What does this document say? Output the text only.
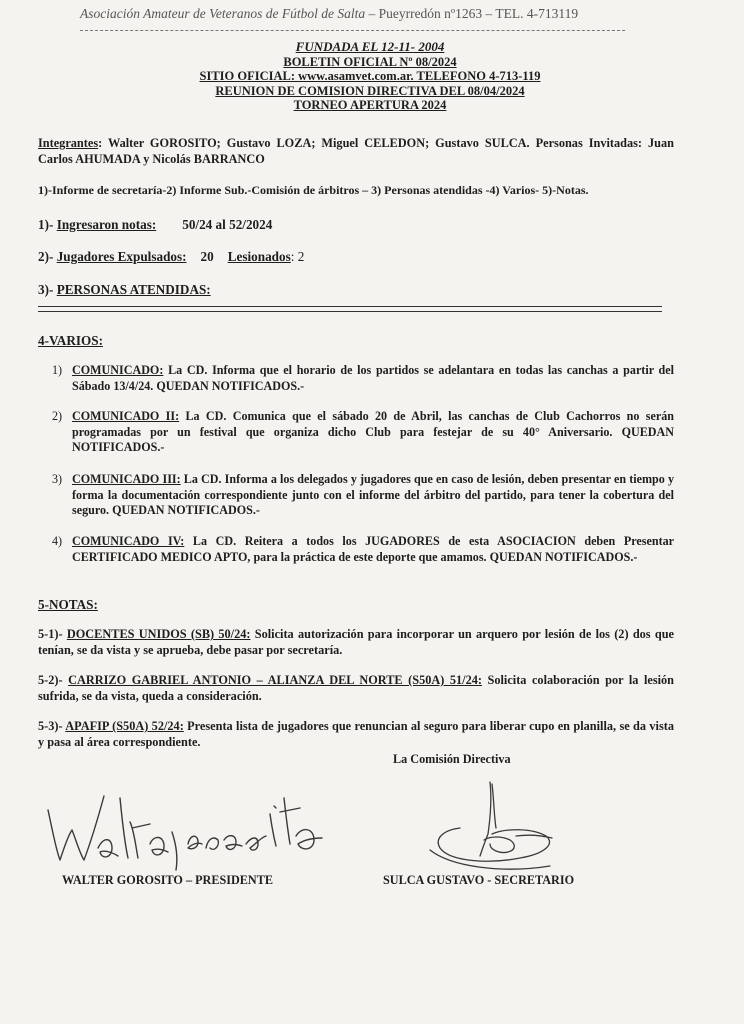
Asociación Amateur de Veteranos de Fútbol de Salta – Pueyrredón nº1263 – TEL. 4-713119
FUNDADA EL 12-11- 2004
BOLETIN OFICIAL Nº 08/2024
SITIO OFICIAL: www.asamvet.com.ar. TELEFONO 4-713-119
REUNION DE COMISION DIRECTIVA DEL 08/04/2024
TORNEO APERTURA 2024
Integrantes: Walter GOROSITO; Gustavo LOZA; Miguel CELEDON; Gustavo SULCA. Personas Invitadas: Juan Carlos AHUMADA y Nicolás BARRANCO
1)-Informe de secretaría-2) Informe Sub.-Comisión de árbitros – 3) Personas atendidas -4) Varios- 5)-Notas.
1)- Ingresaron notas: 50/24 al 52/2024
2)- Jugadores Expulsados: 20 Lesionados: 2
3)- PERSONAS ATENDIDAS:
4-VARIOS:
1) COMUNICADO: La CD. Informa que el horario de los partidos se adelantara en todas las canchas a partir del Sábado 13/4/24. QUEDAN NOTIFICADOS.-
2) COMUNICADO II: La CD. Comunica que el sábado 20 de Abril, las canchas de Club Cachorros no serán programadas por un festival que organiza dicho Club para festejar de su 40° Aniversario. QUEDAN NOTIFICADOS.-
3) COMUNICADO III: La CD. Informa a los delegados y jugadores que en caso de lesión, deben presentar en tiempo y forma la documentación correspondiente junto con el informe del árbitro del partido, para tener la cobertura del seguro. QUEDAN NOTIFICADOS.-
4) COMUNICADO IV: La CD. Reitera a todos los JUGADORES de esta ASOCIACION deben Presentar CERTIFICADO MEDICO APTO, para la práctica de este deporte que amamos. QUEDAN NOTIFICADOS.-
5-NOTAS:
5-1)- DOCENTES UNIDOS (SB) 50/24: Solicita autorización para incorporar un arquero por lesión de los (2) dos que tenían, se da vista y se aprueba, debe pasar por secretaría.
5-2)- CARRIZO GABRIEL ANTONIO – ALIANZA DEL NORTE (S50A) 51/24: Solicita colaboración por la lesión sufrida, se da vista, queda a consideración.
5-3)- APAFIP (S50A) 52/24: Presenta lista de jugadores que renuncian al seguro para liberar cupo en planilla, se da vista y pasa al área correspondiente.
La Comisión Directiva
WALTER GOROSITO – PRESIDENTE	SULCA GUSTAVO - SECRETARIO
